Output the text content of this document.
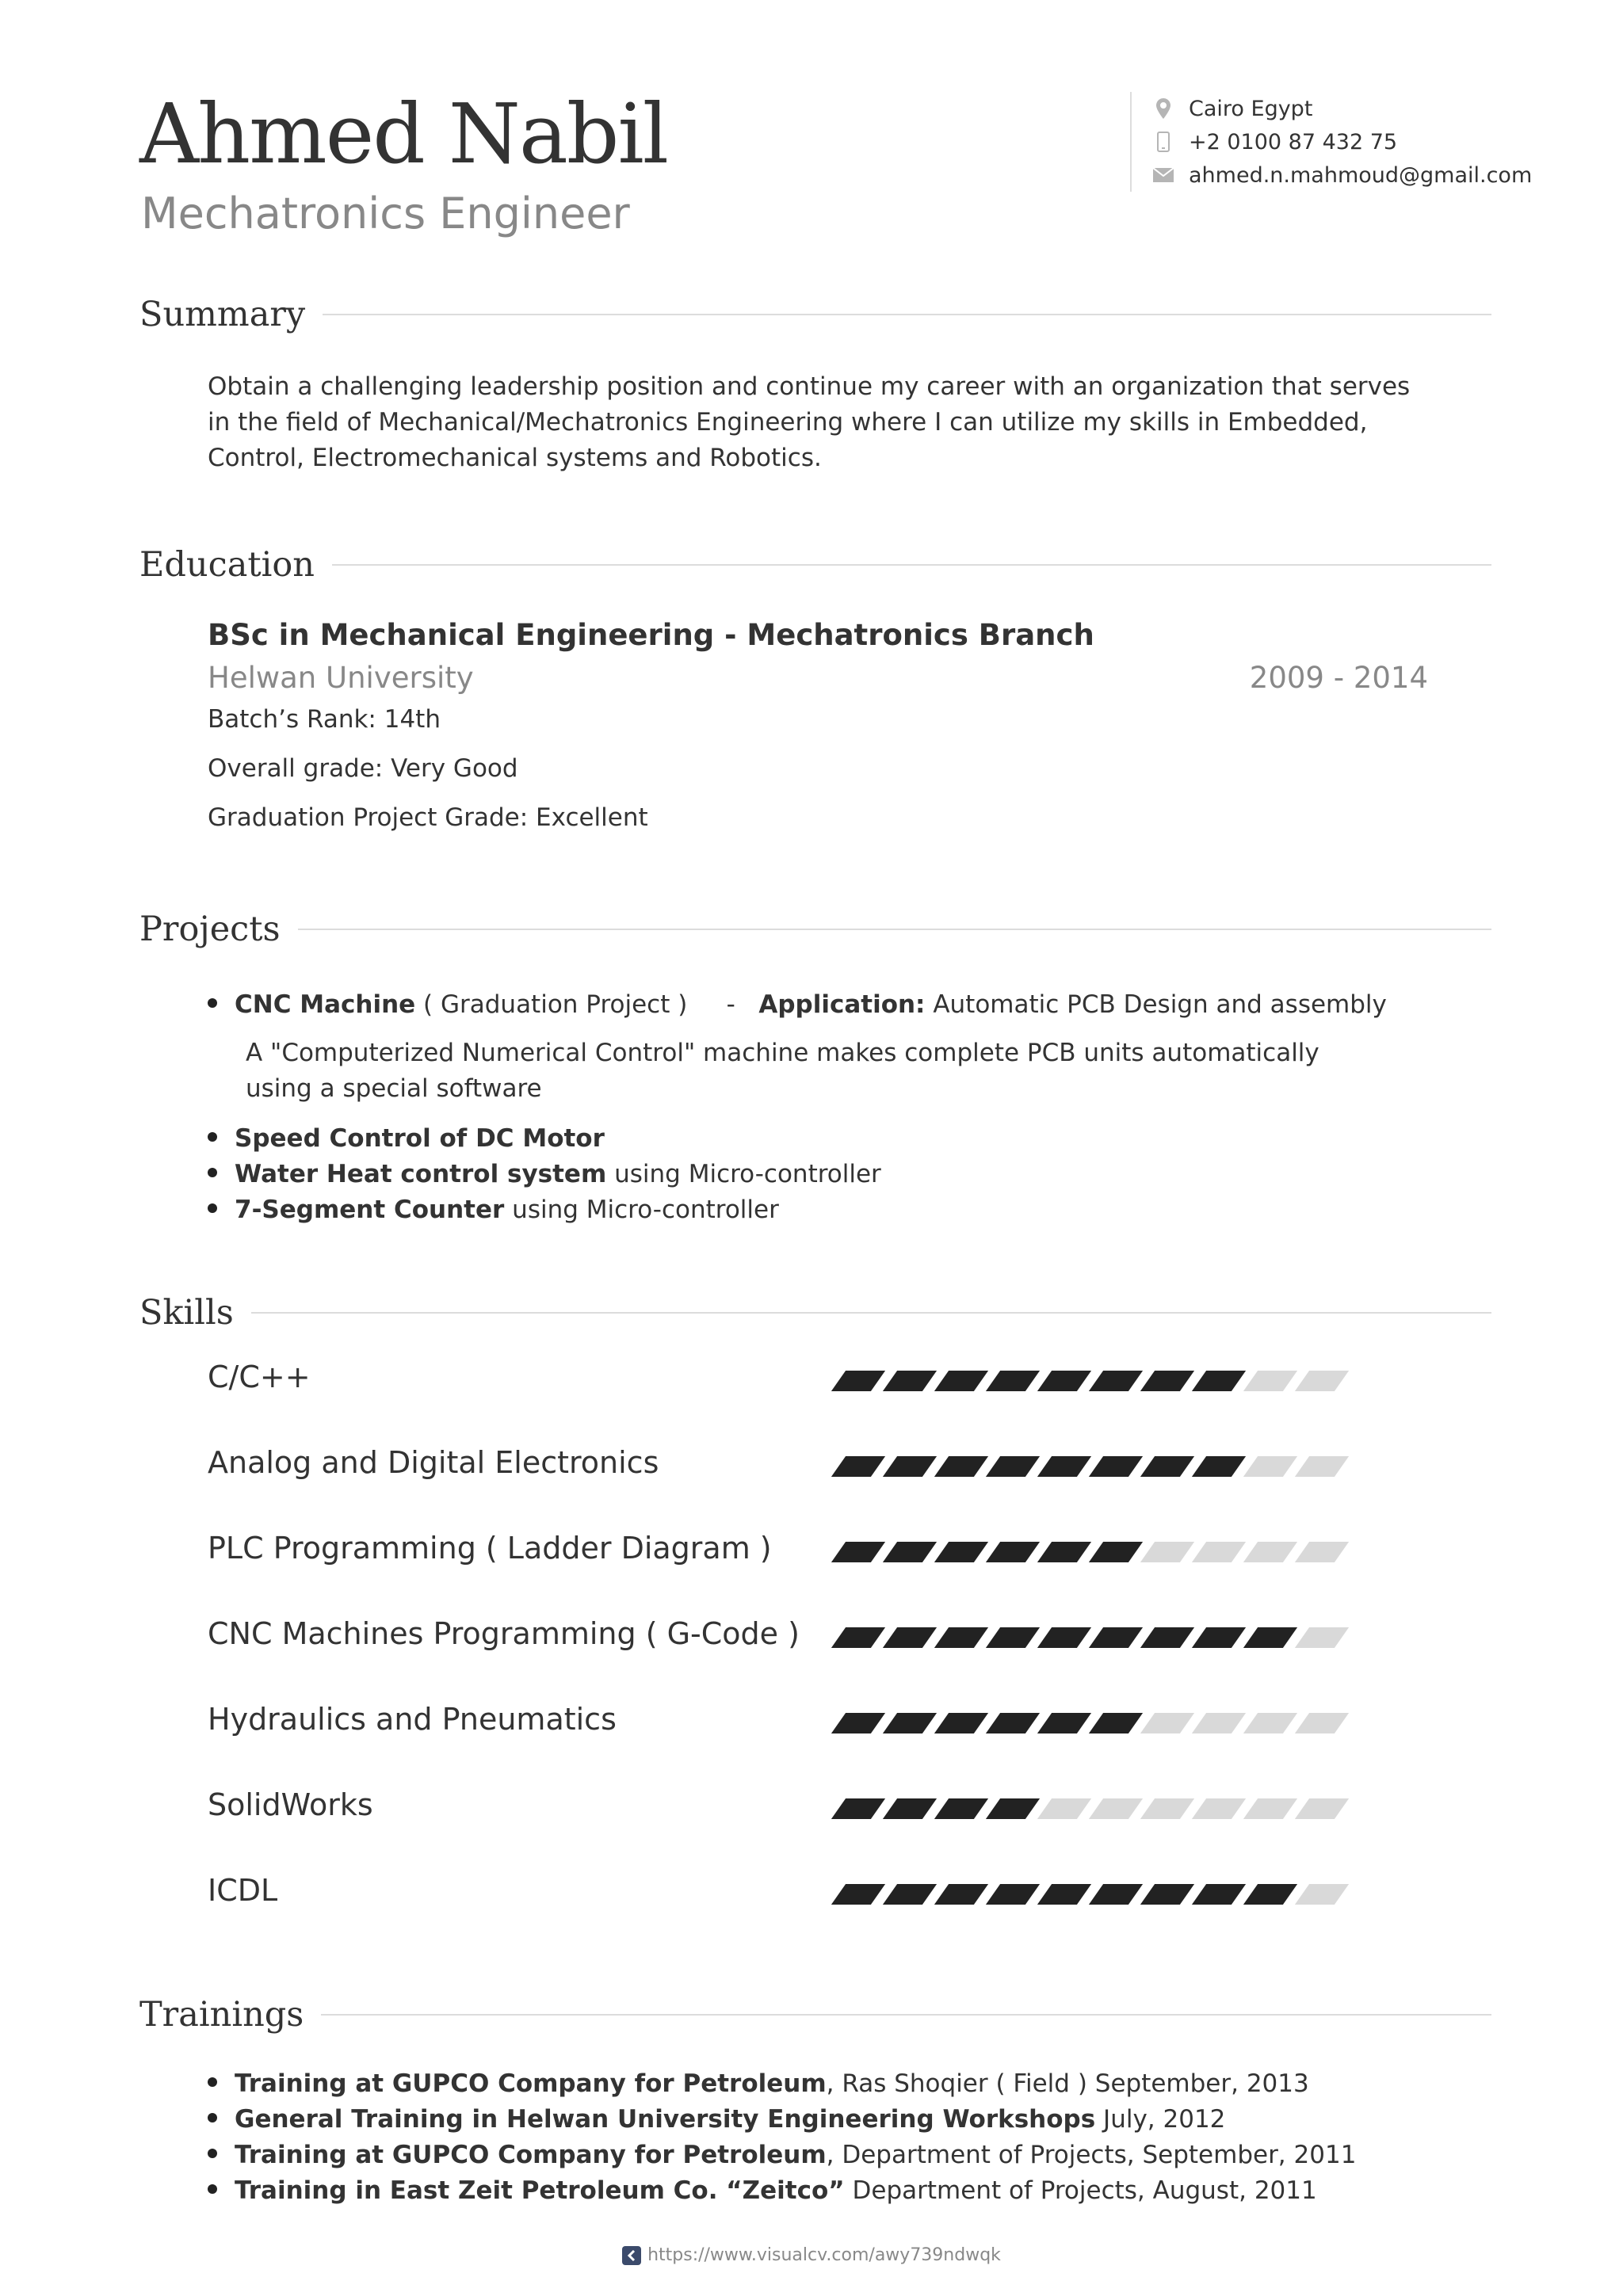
Ahmed Nabil
Mechatronics Engineer
Cairo Egypt
+2 0100 87 432 75
ahmed.n.mahmoud@gmail.com
Summary
Obtain a challenging leadership position and continue my career with an organization that serves in the field of Mechanical/Mechatronics Engineering where I can utilize my skills in Embedded, Control, Electromechanical systems and Robotics.
Education
BSc in Mechanical Engineering - Mechatronics Branch
Helwan University	2009 - 2014
Batch’s Rank: 14th
Overall grade: Very Good
Graduation Project Grade: Excellent
Projects
CNC Machine ( Graduation Project )     -   Application: Automatic PCB Design and assembly
A "Computerized Numerical Control" machine makes complete PCB units automatically using a special software
Speed Control of DC Motor
Water Heat control system using Micro-controller
7-Segment Counter using Micro-controller
Skills
C/C++
Analog and Digital Electronics
PLC Programming ( Ladder Diagram )
CNC Machines Programming ( G-Code )
Hydraulics and Pneumatics
SolidWorks
ICDL
Trainings
Training at GUPCO Company for Petroleum, Ras Shoqier ( Field ) September, 2013
General Training in Helwan University Engineering Workshops July, 2012
Training at GUPCO Company for Petroleum, Department of Projects, September, 2011
Training in East Zeit Petroleum Co. “Zeitco” Department of Projects, August, 2011
https://www.visualcv.com/awy739ndwqk
